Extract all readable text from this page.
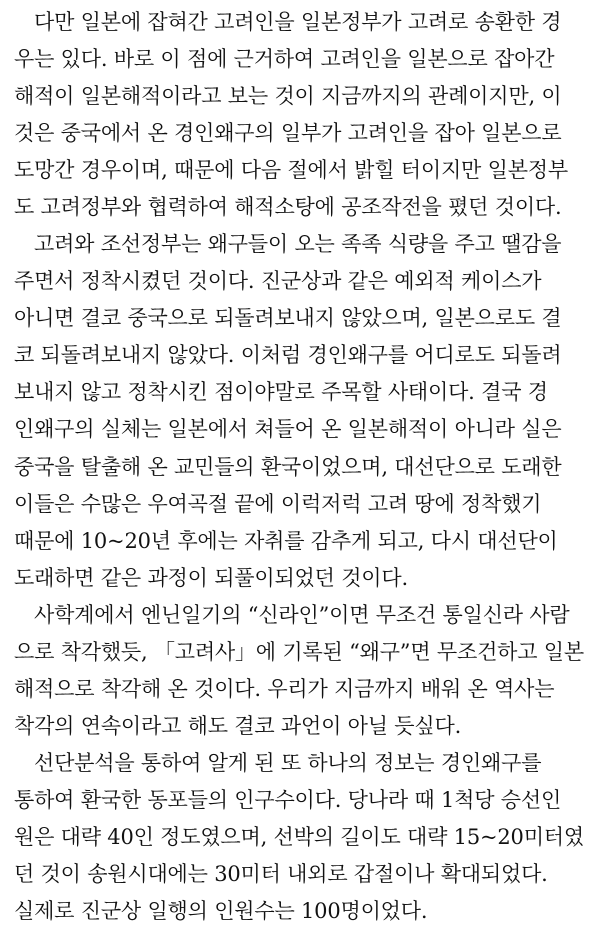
다만 일본에 잡혀간 고려인을 일본정부가 고려로 송환한 경
우는 있다. 바로 이 점에 근거하여 고려인을 일본으로 잡아간
해적이 일본해적이라고 보는 것이 지금까지의 관례이지만, 이
것은 중국에서 온 경인왜구의 일부가 고려인을 잡아 일본으로
도망간 경우이며, 때문에 다음 절에서 밝힐 터이지만 일본정부
도 고려정부와 협력하여 해적소탕에 공조작전을 폈던 것이다.
고려와 조선정부는 왜구들이 오는 족족 식량을 주고 땔감을
주면서 정착시켰던 것이다. 진군상과 같은 예외적 케이스가
아니면 결코 중국으로 되돌려보내지 않았으며, 일본으로도 결
코 되돌려보내지 않았다. 이처럼 경인왜구를 어디로도 되돌려
보내지 않고 정착시킨 점이야말로 주목할 사태이다. 결국 경
인왜구의 실체는 일본에서 쳐들어 온 일본해적이 아니라 실은
중국을 탈출해 온 교민들의 환국이었으며, 대선단으로 도래한
이들은 수많은 우여곡절 끝에 이럭저럭 고려 땅에 정착했기
때문에 10~20년 후에는 자취를 감추게 되고, 다시 대선단이
도래하면 같은 과정이 되풀이되었던 것이다.
사학계에서 엔닌일기의 “신라인”이면 무조건 통일신라 사람
으로 착각했듯, 「고려사」에 기록된 “왜구”면 무조건하고 일본
해적으로 착각해 온 것이다. 우리가 지금까지 배워 온 역사는
착각의 연속이라고 해도 결코 과언이 아닐 듯싶다.
선단분석을 통하여 알게 된 또 하나의 정보는 경인왜구를
통하여 환국한 동포들의 인구수이다. 당나라 때 1척당 승선인
원은 대략 40인 정도였으며, 선박의 길이도 대략 15~20미터였
던 것이 송원시대에는 30미터 내외로 갑절이나 확대되었다.
실제로 진군상 일행의 인원수는 100명이었다.
